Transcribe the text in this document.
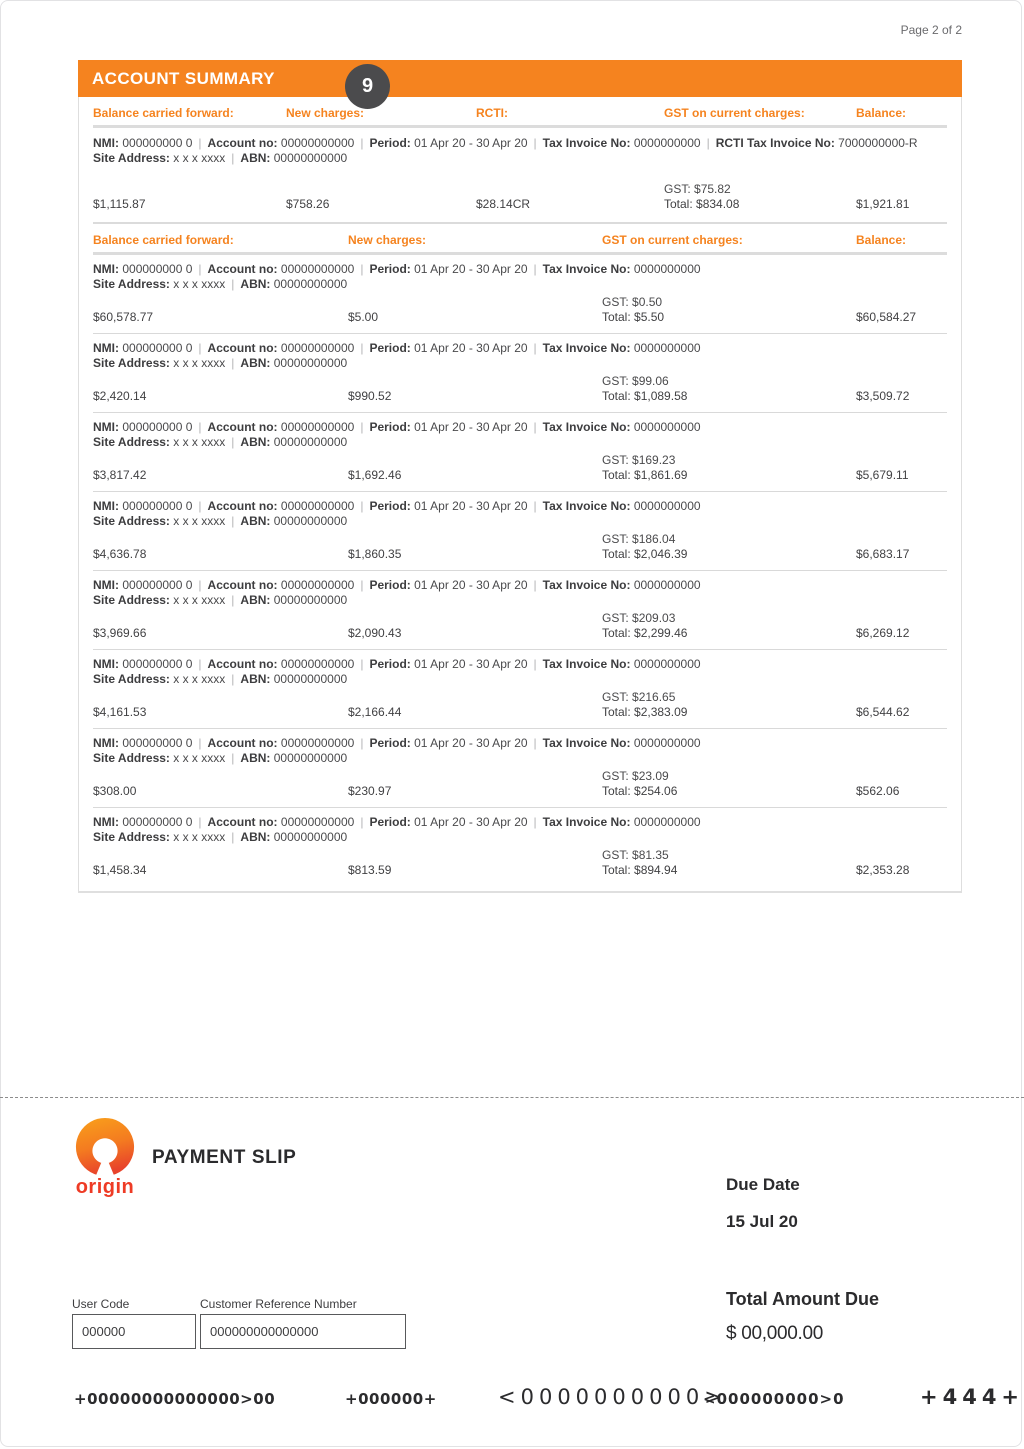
Page 2 of 2
ACCOUNT SUMMARY	9
Balance carried forward:	New charges:	RCTI:	GST on current charges:	Balance:
NMI: 000000000 0 | Account no: 00000000000 | Period: 01 Apr 20 - 30 Apr 20 | Tax Invoice No: 0000000000 | RCTI Tax Invoice No: 7000000000-R
Site Address: x x x xxxx | ABN: 00000000000
GST: $75.82
$1,115.87	$758.26	$28.14CR	Total: $834.08	$1,921.81
Balance carried forward:	New charges:	GST on current charges:	Balance:
NMI: 000000000 0 | Account no: 00000000000 | Period: 01 Apr 20 - 30 Apr 20 | Tax Invoice No: 0000000000
Site Address: x x x xxxx | ABN: 00000000000
GST: $0.50
$60,578.77	$5.00	Total: $5.50	$60,584.27
NMI: 000000000 0 | Account no: 00000000000 | Period: 01 Apr 20 - 30 Apr 20 | Tax Invoice No: 0000000000
Site Address: x x x xxxx | ABN: 00000000000
GST: $99.06
$2,420.14	$990.52	Total: $1,089.58	$3,509.72
NMI: 000000000 0 | Account no: 00000000000 | Period: 01 Apr 20 - 30 Apr 20 | Tax Invoice No: 0000000000
Site Address: x x x xxxx | ABN: 00000000000
GST: $169.23
$3,817.42	$1,692.46	Total: $1,861.69	$5,679.11
NMI: 000000000 0 | Account no: 00000000000 | Period: 01 Apr 20 - 30 Apr 20 | Tax Invoice No: 0000000000
Site Address: x x x xxxx | ABN: 00000000000
GST: $186.04
$4,636.78	$1,860.35	Total: $2,046.39	$6,683.17
NMI: 000000000 0 | Account no: 00000000000 | Period: 01 Apr 20 - 30 Apr 20 | Tax Invoice No: 0000000000
Site Address: x x x xxxx | ABN: 00000000000
GST: $209.03
$3,969.66	$2,090.43	Total: $2,299.46	$6,269.12
NMI: 000000000 0 | Account no: 00000000000 | Period: 01 Apr 20 - 30 Apr 20 | Tax Invoice No: 0000000000
Site Address: x x x xxxx | ABN: 00000000000
GST: $216.65
$4,161.53	$2,166.44	Total: $2,383.09	$6,544.62
NMI: 000000000 0 | Account no: 00000000000 | Period: 01 Apr 20 - 30 Apr 20 | Tax Invoice No: 0000000000
Site Address: x x x xxxx | ABN: 00000000000
GST: $23.09
$308.00	$230.97	Total: $254.06	$562.06
NMI: 000000000 0 | Account no: 00000000000 | Period: 01 Apr 20 - 30 Apr 20 | Tax Invoice No: 0000000000
Site Address: x x x xxxx | ABN: 00000000000
GST: $81.35
$1,458.34	$813.59	Total: $894.94	$2,353.28
origin
PAYMENT SLIP
Due Date
15 Jul 20
Total Amount Due
$ 00,000.00
User Code
000000
Customer Reference Number
000000000000000
+00000000000000>00	+000000+	<0000000000>
<000000000>0	+444+
